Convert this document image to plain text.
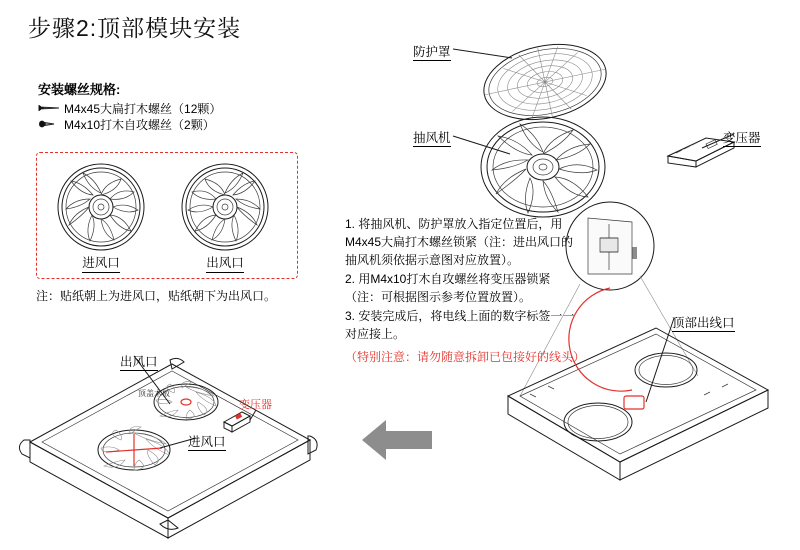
步骤2:顶部模块安装
安装螺丝规格:
M4x45大扁打木螺丝（12颗）
M4x10打木自攻螺丝（2颗）
进风口	出风口
注：贴纸朝上为进风口，贴纸朝下为出风口。

1. 将抽风机、防护罩放入指定位置后，用M4x45大扁打木螺丝锁紧（注：进出风口的抽风机须依据示意图对应放置）。

2. 用M4x10打木自攻螺丝将变压器锁紧（注：可根据图示参考位置放置）。

3. 安装完成后，将电线上面的数字标签一一对应接上。

（特别注意：请勿随意拆卸已包接好的线头）

防护罩
抽风机	变压器
顶部出线口
顶盖木板
出风口
进风口
变压器
